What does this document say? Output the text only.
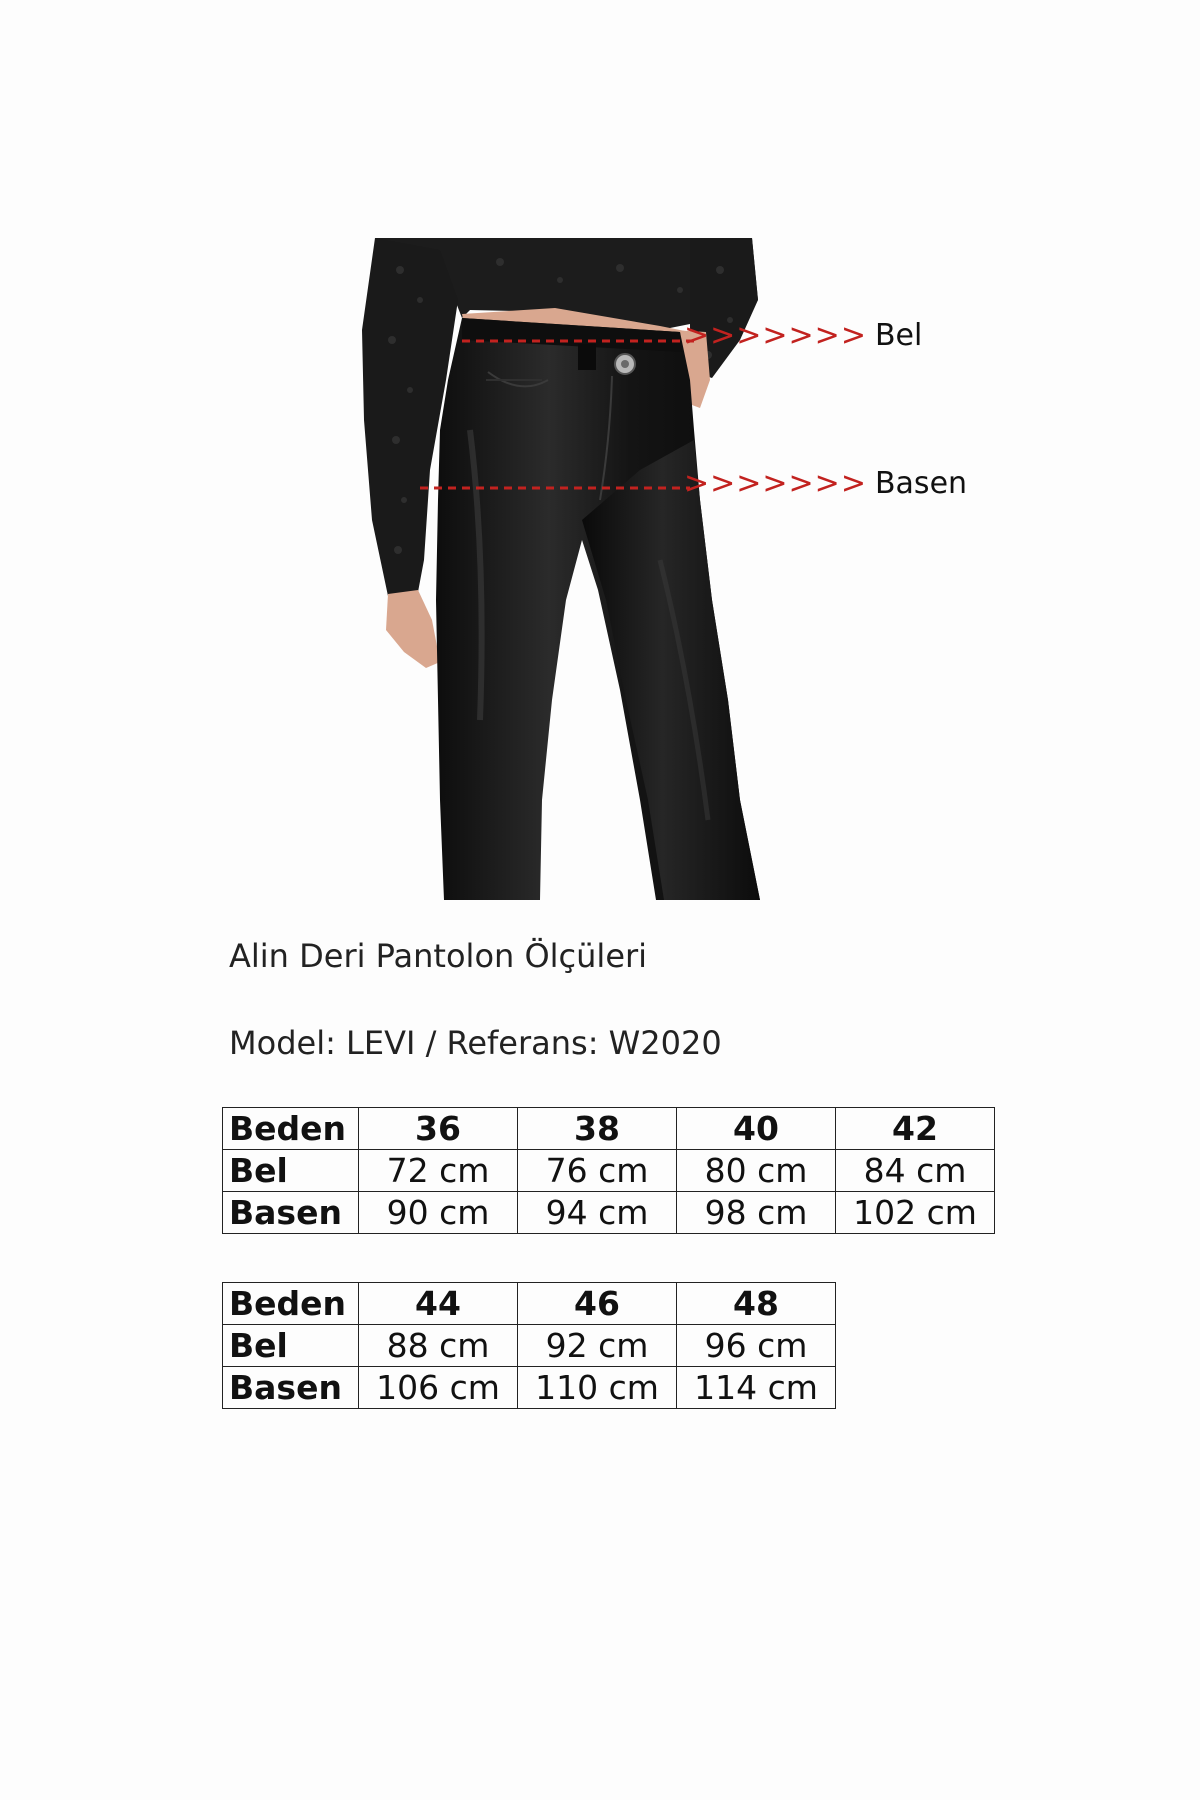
>>>>>>> Bel
>>>>>>> Basen
Alin Deri Pantolon Ölçüleri
Model: LEVI / Referans: W2020
Beden	36	38	40	42
Bel	72 cm	76 cm	80 cm	84 cm
Basen	90 cm	94 cm	98 cm	102 cm
Beden	44	46	48
Bel	88 cm	92 cm	96 cm
Basen	106 cm	110 cm	114 cm
